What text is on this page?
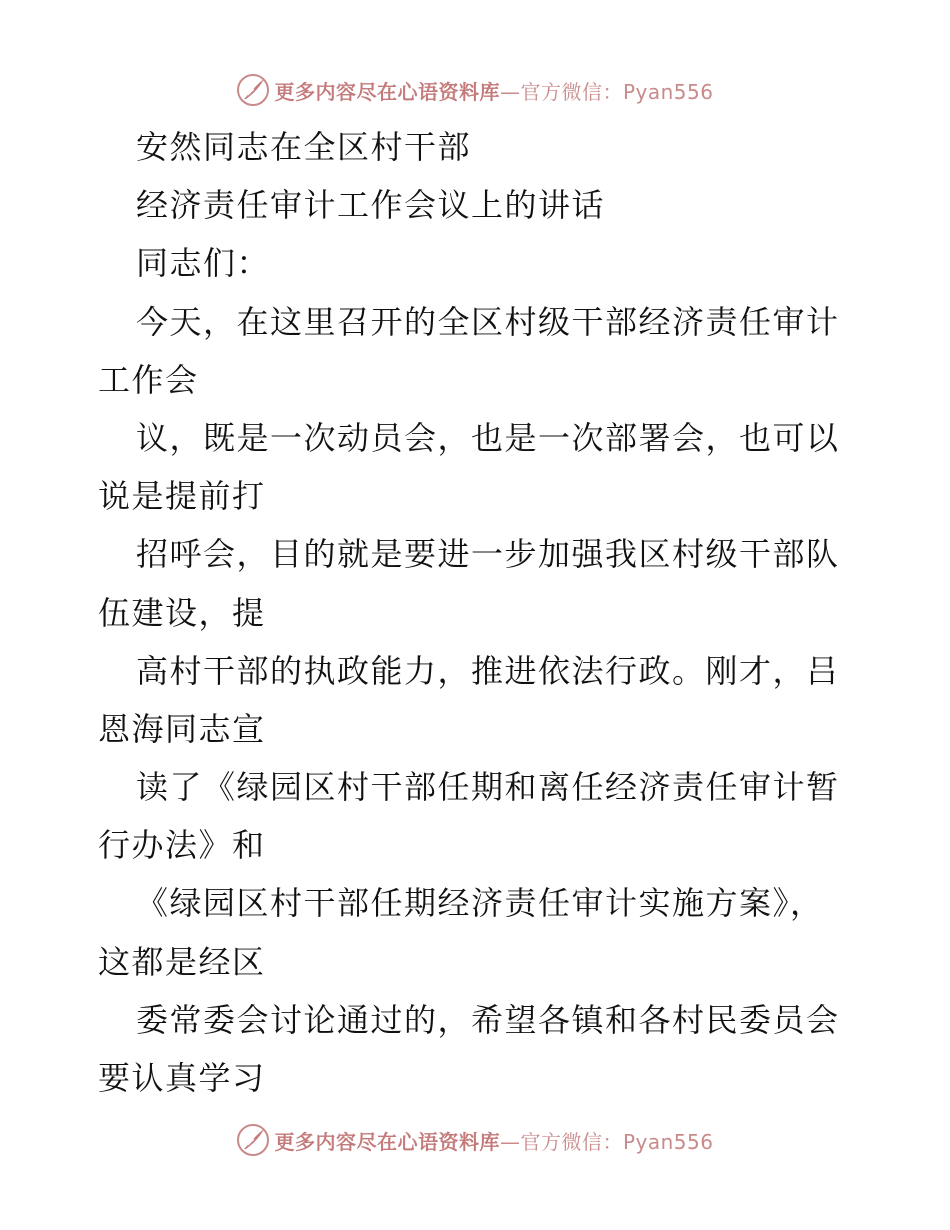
更多内容尽在心语资料库—官方微信：Pyan556
安然同志在全区村干部
经济责任审计工作会议上的讲话
同志们：
今天，在这里召开的全区村级干部经济责任审计
工作会
议，既是一次动员会，也是一次部署会，也可以
说是提前打
招呼会，目的就是要进一步加强我区村级干部队
伍建设，提
高村干部的执政能力，推进依法行政。刚才，吕
恩海同志宣
读了《绿园区村干部任期和离任经济责任审计暂
行办法》和
《绿园区村干部任期经济责任审计实施方案》，
这都是经区
委常委会讨论通过的，希望各镇和各村民委员会
要认真学习
更多内容尽在心语资料库—官方微信：Pyan556
